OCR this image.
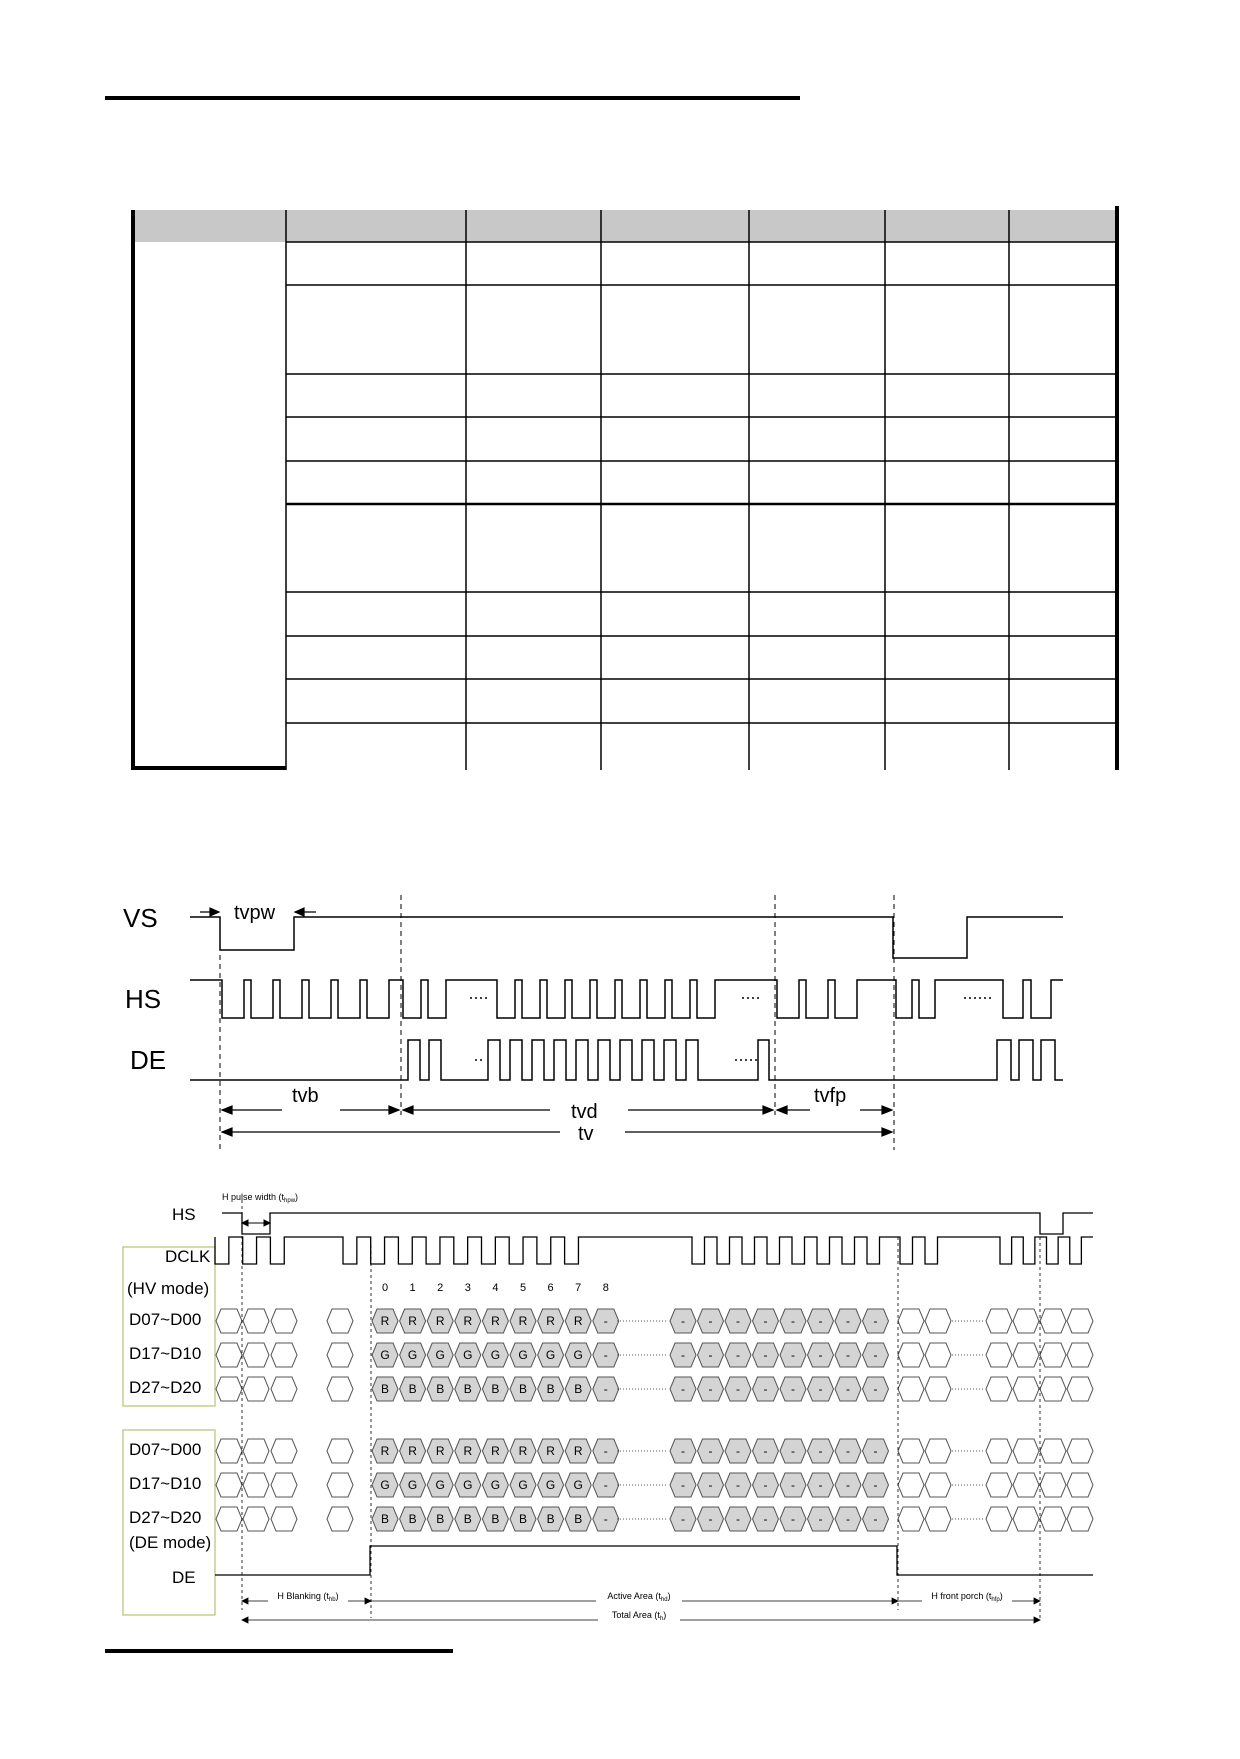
VS
HS
DE
tvpw
tvb
tvd
tvfp
tv
HS
DCLK
(HV mode)
D07~D00
D17~D10
D27~D20
D07~D00
D17~D10
D27~D20
(DE mode)
DE
H pulse width $(t_{hpw})$
0 1 2 3 4 5 6 7 8
R R R R R R R R -	- - - - - - - -
G G G G G G G G -	- - - - - - - -
B B B B B B B B -	- - - - - - - -
R R R R R R R R -	- - - - - - - -
G G G G G G G G -	- - - - - - - -
B B B B B B B B -	- - - - - - - -
H Blanking $(t_{hb})$	Active Area $(t_{hd})$	H front porch $(t_{hfp})$
Total Area $(t_h)$
